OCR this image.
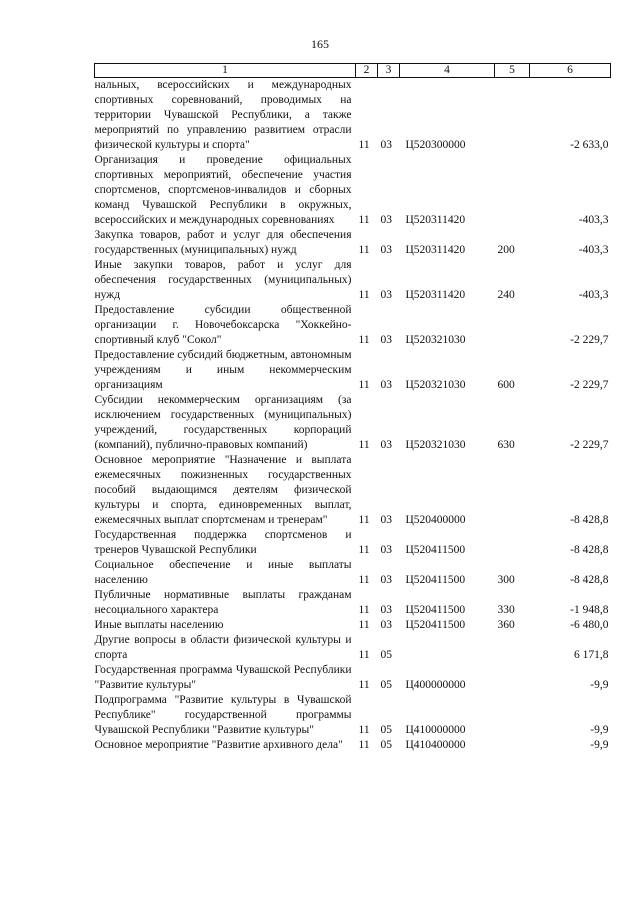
165
1	2	3	4	5	6
нальных, всероссийских и международных спортивных соревнований, проводимых на территории Чувашской Республики, а также мероприятий по управлению развитием отрасли физической культуры и спорта"	11	03	Ц520300000		-2 633,0
Организация и проведение официальных спортивных мероприятий, обеспечение участия спортсменов, спортсменов-инвалидов и сборных команд Чувашской Республики в окружных, всероссийских и международных соревнованиях	11	03	Ц520311420		-403,3
Закупка товаров, работ и услуг для обеспечения государственных (муниципальных) нужд	11	03	Ц520311420	200	-403,3
Иные закупки товаров, работ и услуг для обеспечения государственных (муниципальных) нужд	11	03	Ц520311420	240	-403,3
Предоставление субсидии общественной организации г. Новочебоксарска "Хоккейно-спортивный клуб "Сокол"	11	03	Ц520321030		-2 229,7
Предоставление субсидий бюджетным, автономным учреждениям и иным некоммерческим организациям	11	03	Ц520321030	600	-2 229,7
Субсидии некоммерческим организациям (за исключением государственных (муниципальных) учреждений, государственных корпораций (компаний), публично-правовых компаний)	11	03	Ц520321030	630	-2 229,7
Основное мероприятие "Назначение и выплата ежемесячных пожизненных государственных пособий выдающимся деятелям физической культуры и спорта, единовременных выплат, ежемесячных выплат спортсменам и тренерам"	11	03	Ц520400000		-8 428,8
Государственная поддержка спортсменов и тренеров Чувашской Республики	11	03	Ц520411500		-8 428,8
Социальное обеспечение и иные выплаты населению	11	03	Ц520411500	300	-8 428,8
Публичные нормативные выплаты гражданам несоциального характера	11	03	Ц520411500	330	-1 948,8
Иные выплаты населению	11	03	Ц520411500	360	-6 480,0
Другие вопросы в области физической культуры и спорта	11	05			6 171,8
Государственная программа Чувашской Республики "Развитие культуры"	11	05	Ц400000000		-9,9
Подпрограмма "Развитие культуры в Чувашской Республике" государственной программы Чувашской Республики "Развитие культуры"	11	05	Ц410000000		-9,9
Основное мероприятие "Развитие архивного дела"	11	05	Ц410400000		-9,9
